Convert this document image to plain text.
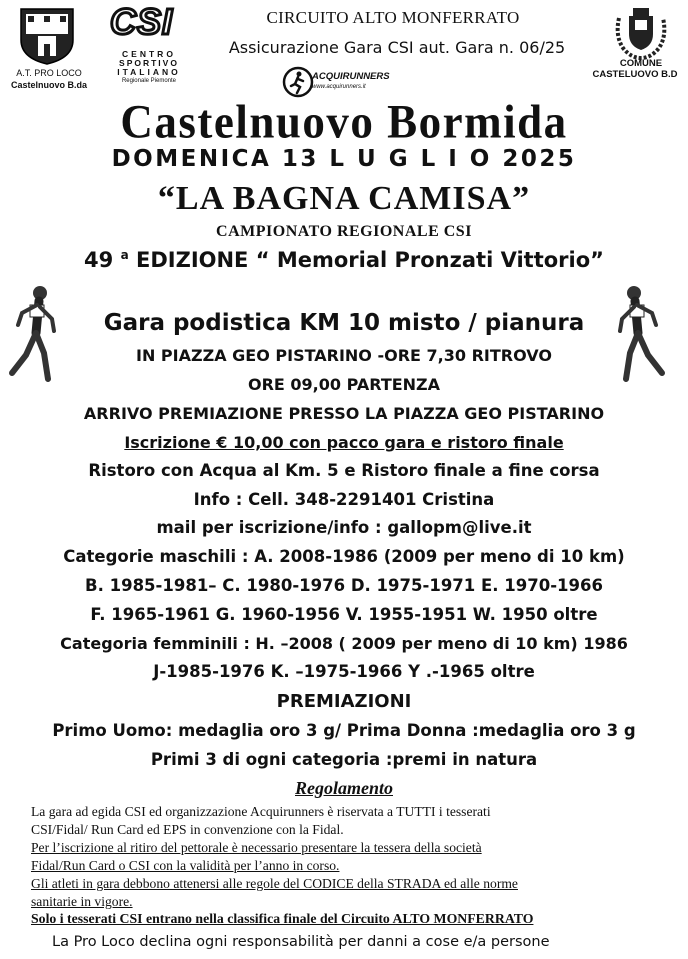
A.T. PRO LOCO
Castelnuovo B.da
CSI
CENTRO
SPORTIVO
ITALIANO
Regionale Piemonte
COMUNE
CASTELUOVO B.D
CIRCUITO ALTO MONFERRATO
Assicurazione Gara CSI aut. Gara n. 06/25
ACQUIRUNNERS
www.acquirunners.it
Castelnuovo Bormida
DOMENICA 13 L U G L I O 2025
“LA BAGNA CAMISA”
CAMPIONATO REGIONALE CSI
49 $^a$ EDIZIONE “ Memorial Pronzati Vittorio”
Gara podistica KM 10 misto / pianura
IN PIAZZA GEO PISTARINO -ORE 7,30 RITROVO
ORE 09,00 PARTENZA
ARRIVO PREMIAZIONE PRESSO LA PIAZZA GEO PISTARINO
Iscrizione € 10,00 con pacco gara e ristoro finale
Ristoro con Acqua al Km. 5 e Ristoro finale a fine corsa
Info : Cell. 348-2291401 Cristina
mail per iscrizione/info : gallopm@live.it
Categorie maschili : A. 2008-1986 (2009 per meno di 10 km)
B. 1985-1981– C. 1980-1976 D. 1975-1971 E. 1970-1966
F. 1965-1961 G. 1960-1956 V. 1955-1951 W. 1950 oltre
Categoria femminili : H. –2008 ( 2009 per meno di 10 km) 1986
J-1985-1976 K. –1975-1966 Y .-1965 oltre
PREMIAZIONI
Primo Uomo: medaglia oro 3 g/ Prima Donna :medaglia oro 3 g
Primi 3 di ogni categoria :premi in natura
Regolamento
La gara ad egida CSI ed organizzazione Acquirunners è riservata a TUTTI i tesserati
CSI/Fidal/ Run Card ed EPS in convenzione con la Fidal.
Per l’iscrizione al ritiro del pettorale è necessario presentare la tessera della società
Fidal/Run Card o CSI con la validità per l’anno in corso.
Gli atleti in gara debbono attenersi alle regole del CODICE della STRADA ed alle norme
sanitarie in vigore.
Solo i tesserati CSI entrano nella classifica finale del Circuito ALTO MONFERRATO
La Pro Loco declina ogni responsabilità per danni a cose e/a persone
